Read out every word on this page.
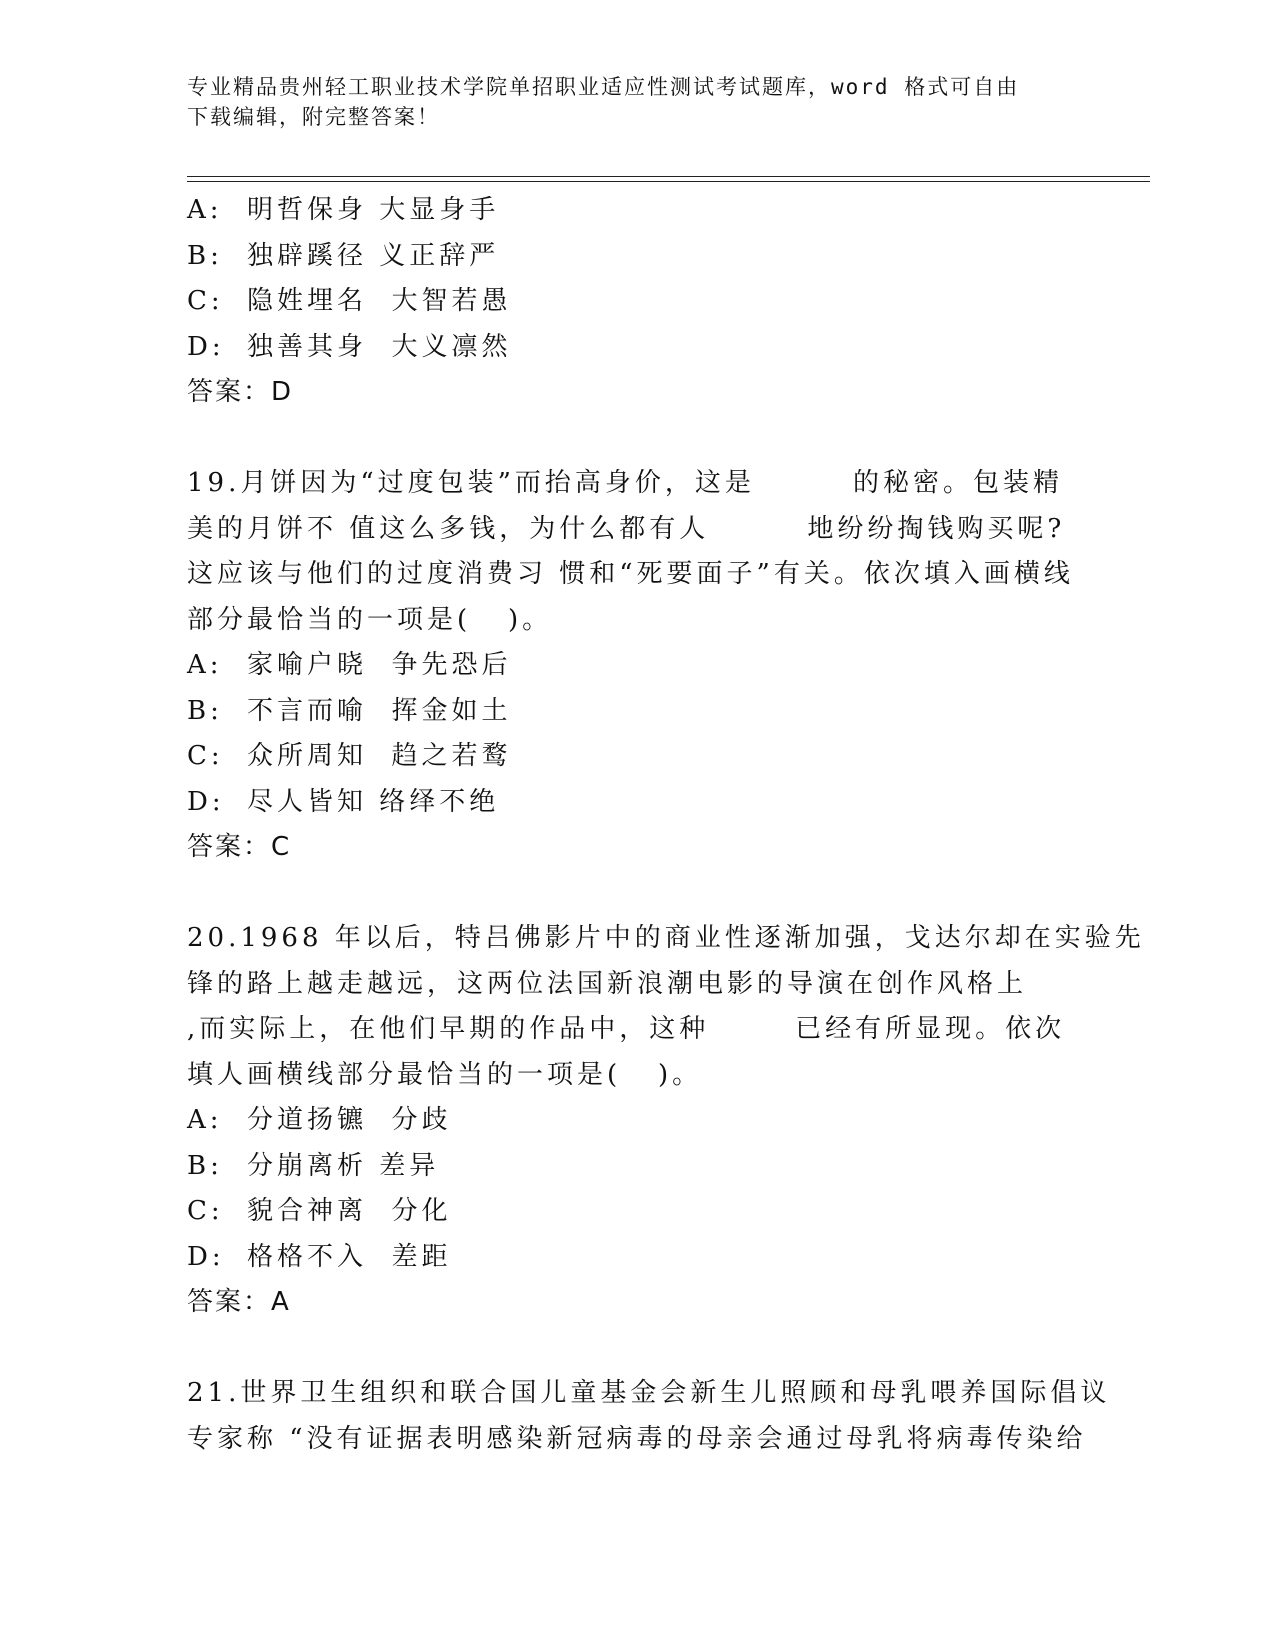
专业精品贵州轻工职业技术学院单招职业适应性测试考试题库，word 格式可自由
下载编辑，附完整答案！
A: 明哲保身 大显身手
B: 独辟蹊径 义正辞严
C: 隐姓埋名  大智若愚
D: 独善其身  大义凛然
答案：D
19.月饼因为“过度包装”而抬高身价，这是        的秘密。包装精
美的月饼不 值这么多钱，为什么都有人        地纷纷掏钱购买呢?
这应该与他们的过度消费习 惯和“死要面子”有关。依次填入画横线
部分最恰当的一项是(   )。
A: 家喻户晓  争先恐后
B: 不言而喻  挥金如土
C: 众所周知  趋之若鹜
D: 尽人皆知 络绎不绝
答案：C
20.1968 年以后，特吕佛影片中的商业性逐渐加强，戈达尔却在实验先
锋的路上越走越远，这两位法国新浪潮电影的导演在创作风格上
,而实际上，在他们早期的作品中，这种       已经有所显现。依次
填人画横线部分最恰当的一项是(   )。
A: 分道扬镳  分歧
B: 分崩离析 差异
C: 貌合神离  分化
D: 格格不入  差距
答案：A
21.世界卫生组织和联合国儿童基金会新生儿照顾和母乳喂养国际倡议
专家称 “没有证据表明感染新冠病毒的母亲会通过母乳将病毒传染给
